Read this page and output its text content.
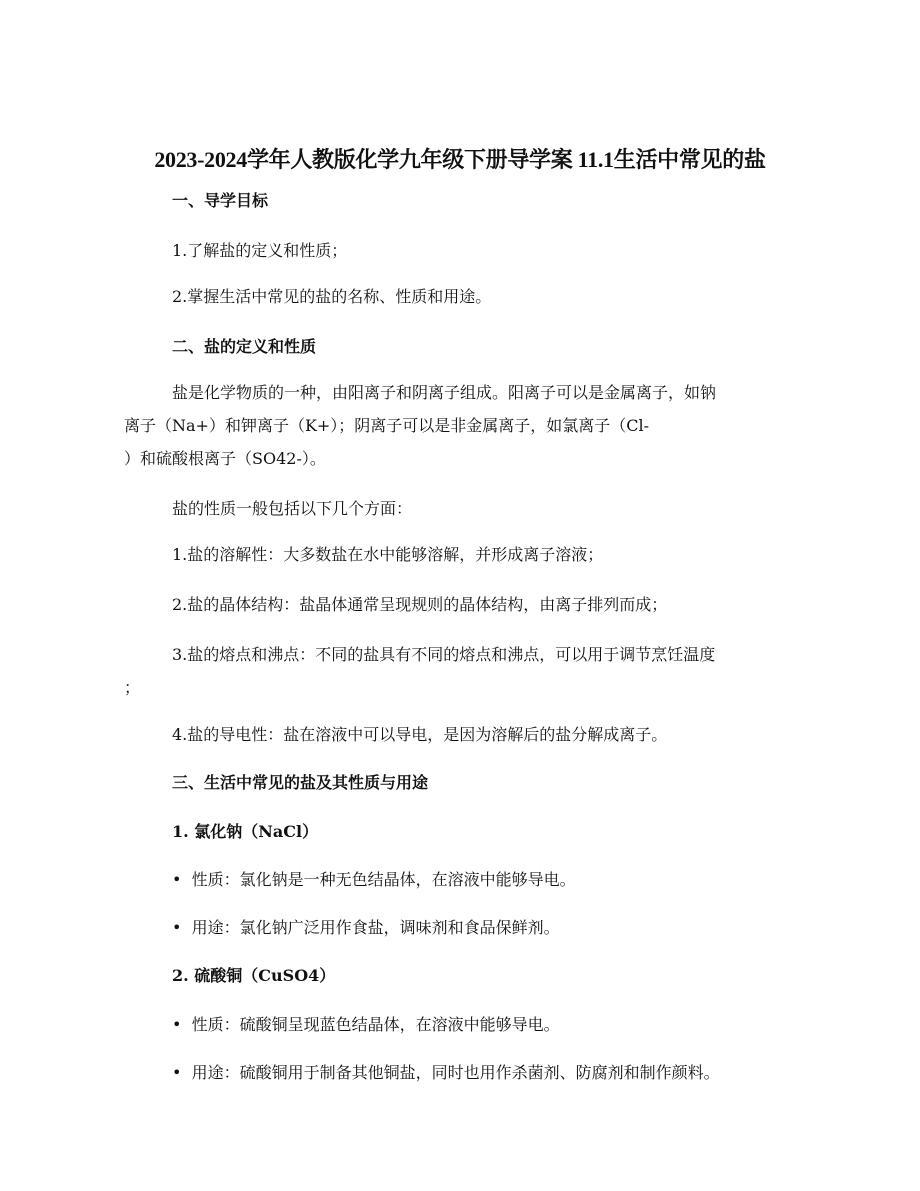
2023-2024学年人教版化学九年级下册导学案 11.1生活中常见的盐
一、导学目标
1.了解盐的定义和性质；
2.掌握生活中常见的盐的名称、性质和用途。
二、盐的定义和性质
盐是化学物质的一种，由阳离子和阴离子组成。阳离子可以是金属离子，如钠
离子（Na+）和钾离子（K+）；阴离子可以是非金属离子，如氯离子（Cl-
）和硫酸根离子（SO42-）。
盐的性质一般包括以下几个方面：
1.盐的溶解性：大多数盐在水中能够溶解，并形成离子溶液；
2.盐的晶体结构：盐晶体通常呈现规则的晶体结构，由离子排列而成；
3.盐的熔点和沸点：不同的盐具有不同的熔点和沸点，可以用于调节烹饪温度
；
4.盐的导电性：盐在溶液中可以导电，是因为溶解后的盐分解成离子。
三、生活中常见的盐及其性质与用途
1. 氯化钠（NaCl）
• 性质：氯化钠是一种无色结晶体，在溶液中能够导电。
• 用途：氯化钠广泛用作食盐，调味剂和食品保鲜剂。
2. 硫酸铜（CuSO4）
• 性质：硫酸铜呈现蓝色结晶体，在溶液中能够导电。
• 用途：硫酸铜用于制备其他铜盐，同时也用作杀菌剂、防腐剂和制作颜料。
